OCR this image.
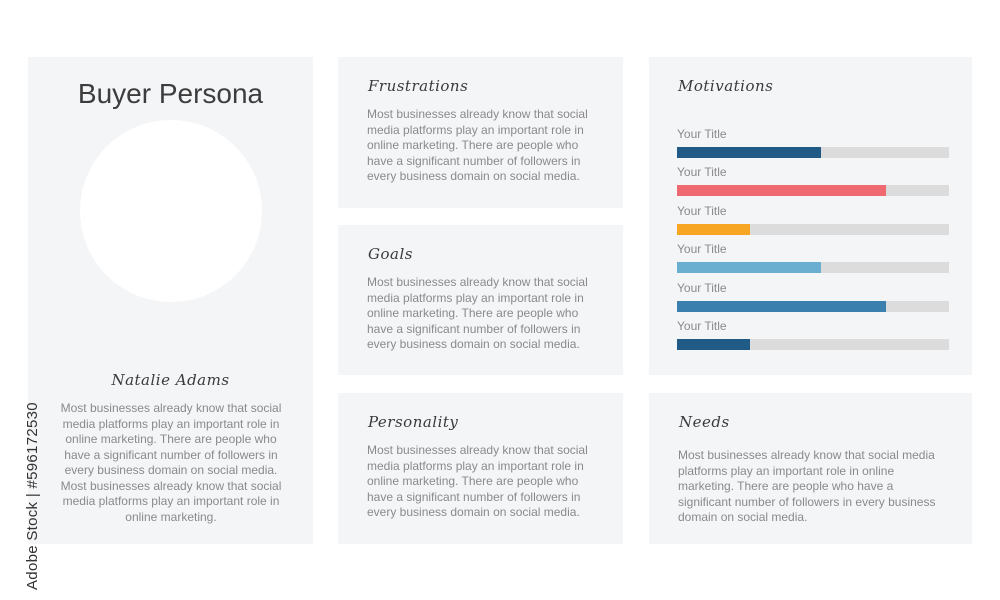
Buyer Persona
Natalie Adams
Most businesses already know that social media platforms play an important role in online marketing. There are people who have a significant number of followers in every business domain on social media. Most businesses already know that social media platforms play an important role in online marketing.
Frustrations
Most businesses already know that social media platforms play an important role in online marketing. There are people who have a significant number of followers in every business domain on social media.
Goals
Most businesses already know that social media platforms play an important role in online marketing. There are people who have a significant number of followers in every business domain on social media.
Personality
Most businesses already know that social media platforms play an important role in online marketing. There are people who have a significant number of followers in every business domain on social media.
Motivations
Your Title
Your Title
Your Title
Your Title
Your Title
Your Title
Needs
Most businesses already know that social media platforms play an important role in online marketing. There are people who have a significant number of followers in every business domain on social media.
Adobe Stock | #596172530
